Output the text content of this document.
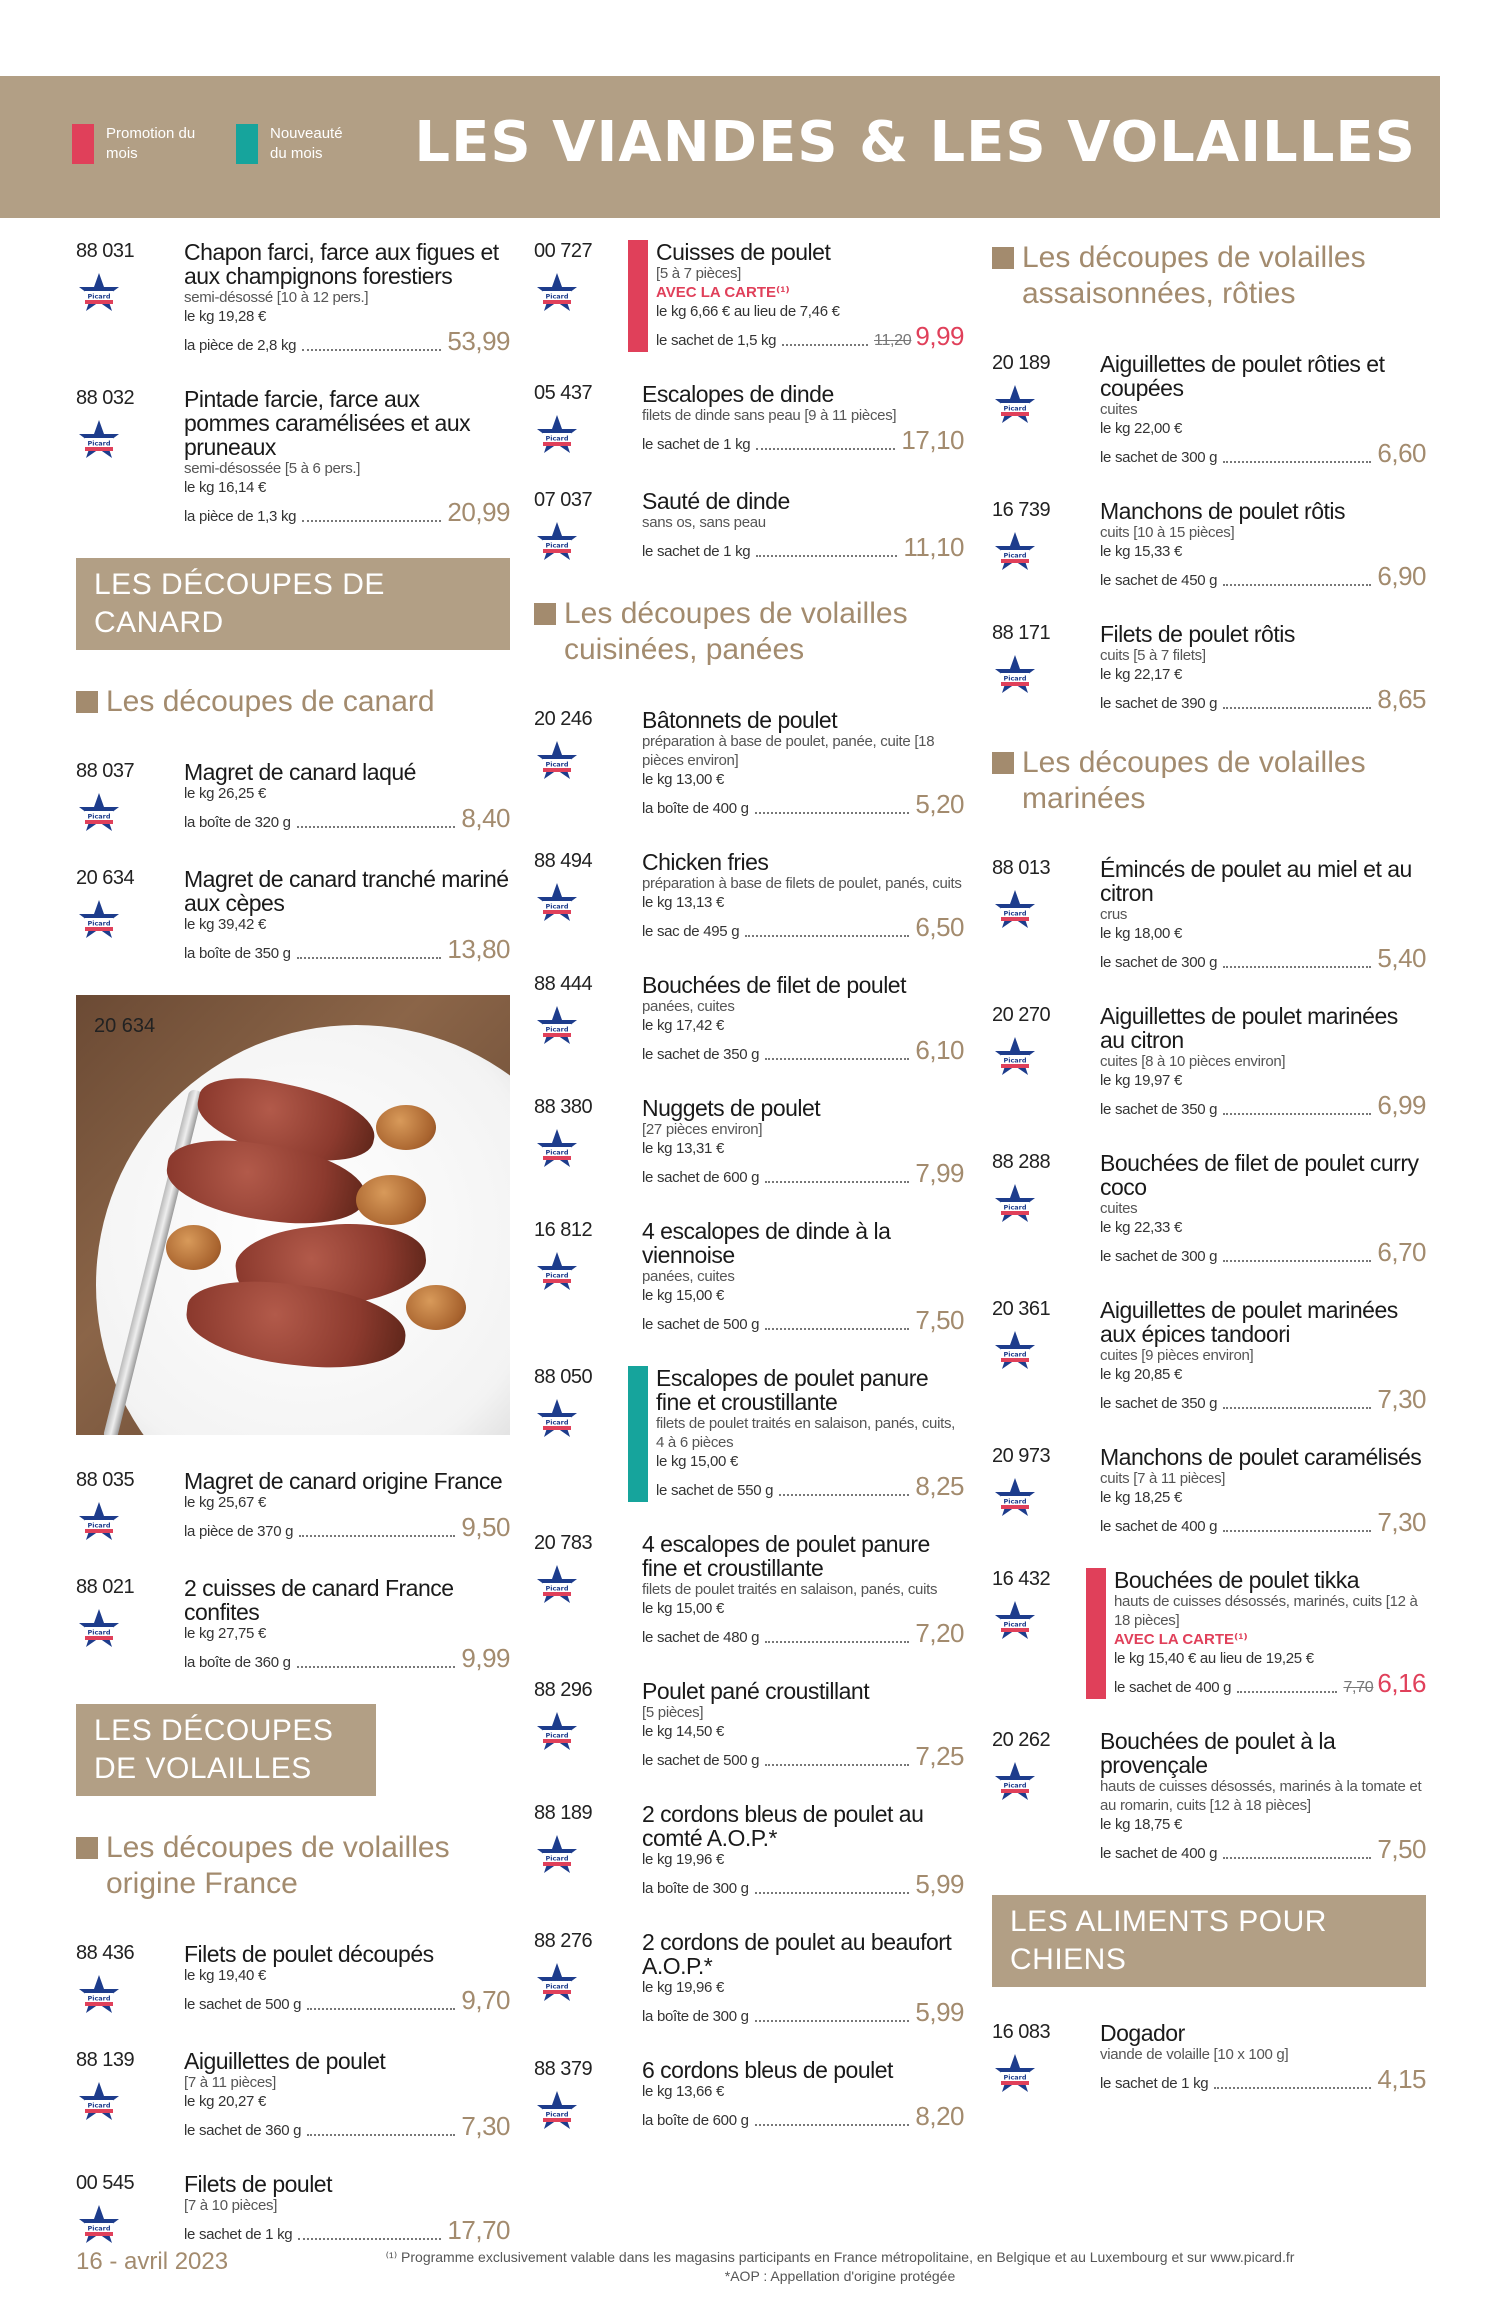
Promotion du mois
Nouveauté du mois	LES VIANDES & LES VOLAILLES
88 031
Picard
Chapon farci, farce aux figues et aux champignons forestiers
semi-désossé [10 à 12 pers.]
le kg 19,28 €
la pièce de 2,8 kg	53,99
88 032
Picard
Pintade farcie, farce aux pommes caramélisées et aux pruneaux
semi-désossée [5 à 6 pers.]
le kg 16,14 €
la pièce de 1,3 kg	20,99
LES DÉCOUPES DE CANARD
Les découpes de canard
88 037
Picard
Magret de canard laqué
le kg 26,25 €
la boîte de 320 g	8,40
20 634
Picard
Magret de canard tranché mariné aux cèpes
le kg 39,42 €
la boîte de 350 g	13,80
20 634
88 035
Picard
Magret de canard origine France
le kg 25,67 €
la pièce de 370 g	9,50
88 021
Picard
2 cuisses de canard France confites
le kg 27,75 €
la boîte de 360 g	9,99
LES DÉCOUPES DE VOLAILLES
Les découpes de volailles origine France
88 436
Picard
Filets de poulet découpés
le kg 19,40 €
le sachet de 500 g	9,70
88 139
Picard
Aiguillettes de poulet
[7 à 11 pièces]
le kg 20,27 €
le sachet de 360 g	7,30
00 545
Picard
Filets de poulet
[7 à 10 pièces]
le sachet de 1 kg	17,70
00 727
Picard
Cuisses de poulet
[5 à 7 pièces]
AVEC LA CARTE⁽¹⁾
le kg 6,66 € au lieu de 7,46 €
le sachet de 1,5 kg	11,20 9,99
05 437
Picard
Escalopes de dinde
filets de dinde sans peau [9 à 11 pièces]
le sachet de 1 kg	17,10
07 037
Picard
Sauté de dinde
sans os, sans peau
le sachet de 1 kg	11,10
Les découpes de volailles cuisinées, panées
20 246
Picard
Bâtonnets de poulet
préparation à base de poulet, panée, cuite [18 pièces environ]
le kg 13,00 €
la boîte de 400 g	5,20
88 494
Picard
Chicken fries
préparation à base de filets de poulet, panés, cuits
le kg 13,13 €
le sac de 495 g	6,50
88 444
Picard
Bouchées de filet de poulet
panées, cuites
le kg 17,42 €
le sachet de 350 g	6,10
88 380
Picard
Nuggets de poulet
[27 pièces environ]
le kg 13,31 €
le sachet de 600 g	7,99
16 812
Picard
4 escalopes de dinde à la viennoise
panées, cuites
le kg 15,00 €
le sachet de 500 g	7,50
88 050
Picard
Escalopes de poulet panure fine et croustillante
filets de poulet traités en salaison, panés, cuits, 4 à 6 pièces
le kg 15,00 €
le sachet de 550 g	8,25
20 783
Picard
4 escalopes de poulet panure fine et croustillante
filets de poulet traités en salaison, panés, cuits
le kg 15,00 €
le sachet de 480 g	7,20
88 296
Picard
Poulet pané croustillant
[5 pièces]
le kg 14,50 €
le sachet de 500 g	7,25
88 189
Picard
2 cordons bleus de poulet au comté A.O.P.*
le kg 19,96 €
la boîte de 300 g	5,99
88 276
Picard
2 cordons de poulet au beaufort A.O.P.*
le kg 19,96 €
la boîte de 300 g	5,99
88 379
Picard
6 cordons bleus de poulet
le kg 13,66 €
la boîte de 600 g	8,20
Les découpes de volailles assaisonnées, rôties
20 189
Picard
Aiguillettes de poulet rôties et coupées
cuites
le kg 22,00 €
le sachet de 300 g	6,60
16 739
Picard
Manchons de poulet rôtis
cuits [10 à 15 pièces]
le kg 15,33 €
le sachet de 450 g	6,90
88 171
Picard
Filets de poulet rôtis
cuits [5 à 7 filets]
le kg 22,17 €
le sachet de 390 g	8,65
Les découpes de volailles marinées
88 013
Picard
Émincés de poulet au miel et au citron
crus
le kg 18,00 €
le sachet de 300 g	5,40
20 270
Picard
Aiguillettes de poulet marinées au citron
cuites [8 à 10 pièces environ]
le kg 19,97 €
le sachet de 350 g	6,99
88 288
Picard
Bouchées de filet de poulet curry coco
cuites
le kg 22,33 €
le sachet de 300 g	6,70
20 361
Picard
Aiguillettes de poulet marinées aux épices tandoori
cuites [9 pièces environ]
le kg 20,85 €
le sachet de 350 g	7,30
20 973
Picard
Manchons de poulet caramélisés
cuits [7 à 11 pièces]
le kg 18,25 €
le sachet de 400 g	7,30
16 432
Picard
Bouchées de poulet tikka
hauts de cuisses désossés, marinés, cuits [12 à 18 pièces]
AVEC LA CARTE⁽¹⁾
le kg 15,40 € au lieu de 19,25 €
le sachet de 400 g	7,70 6,16
20 262
Picard
Bouchées de poulet à la provençale
hauts de cuisses désossés, marinés à la tomate et au romarin, cuits [12 à 18 pièces]
le kg 18,75 €
le sachet de 400 g	7,50
LES ALIMENTS POUR CHIENS
16 083
Picard
Dogador
viande de volaille [10 x 100 g]
le sachet de 1 kg	4,15
16 - avril 2023	⁽¹⁾ Programme exclusivement valable dans les magasins participants en France métropolitaine, en Belgique et au Luxembourg et sur www.picard.fr
*AOP : Appellation d'origine protégée
